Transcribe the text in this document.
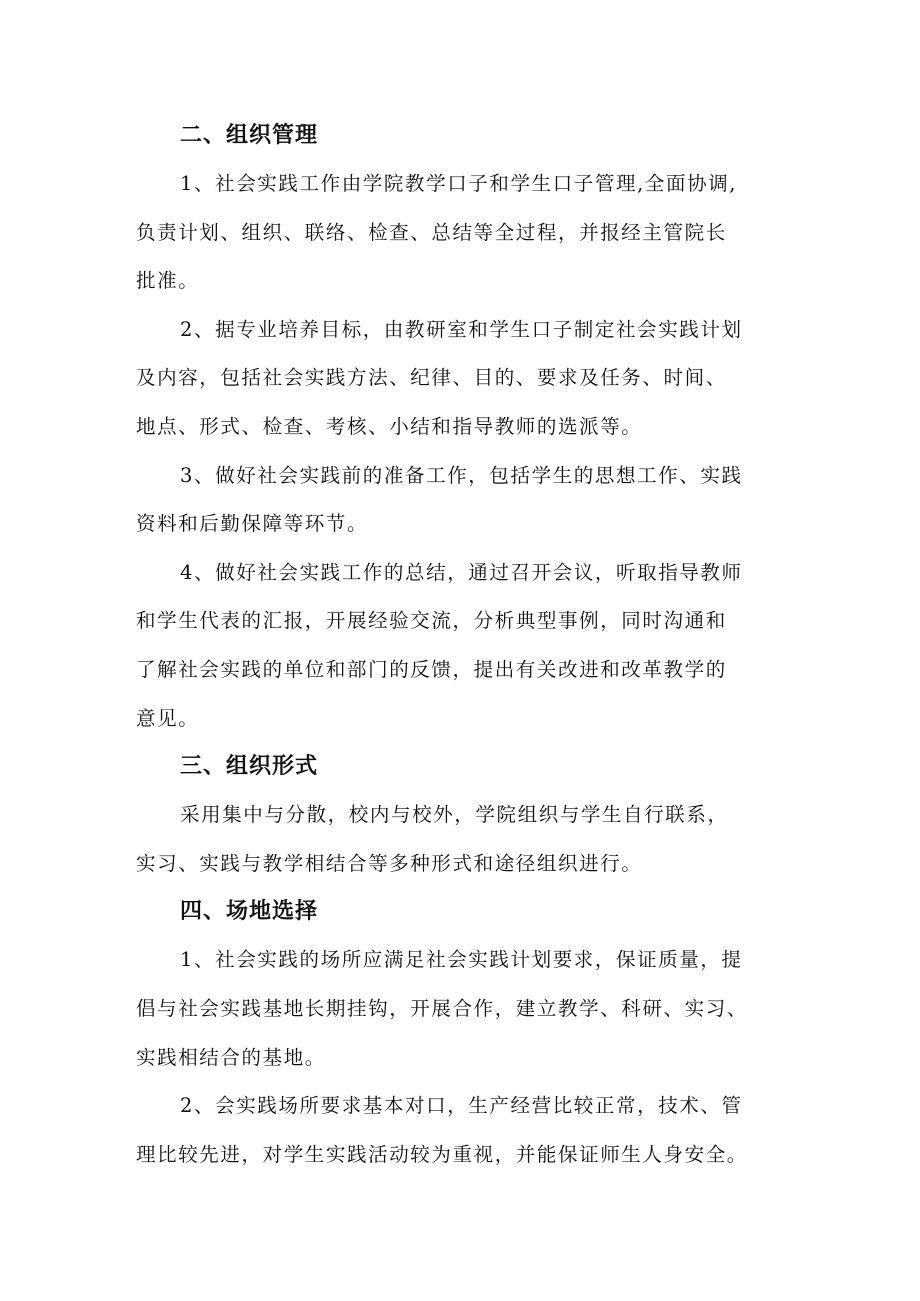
二、组织管理

1、社会实践工作由学院教学口子和学生口子管理,全面协调,
负责计划、组织、联络、检查、总结等全过程，并报经主管院长
批准。

2、据专业培养目标，由教研室和学生口子制定社会实践计划
及内容，包括社会实践方法、纪律、目的、要求及任务、时间、
地点、形式、检查、考核、小结和指导教师的选派等。

3、做好社会实践前的准备工作，包括学生的思想工作、实践
资料和后勤保障等环节。

4、做好社会实践工作的总结，通过召开会议，听取指导教师
和学生代表的汇报，开展经验交流，分析典型事例，同时沟通和
了解社会实践的单位和部门的反馈，提出有关改进和改革教学的
意见。

三、组织形式

采用集中与分散，校内与校外，学院组织与学生自行联系，
实习、实践与教学相结合等多种形式和途径组织进行。

四、场地选择

1、社会实践的场所应满足社会实践计划要求，保证质量，提
倡与社会实践基地长期挂钩，开展合作，建立教学、科研、实习、
实践相结合的基地。

2、会实践场所要求基本对口，生产经营比较正常，技术、管
理比较先进，对学生实践活动较为重视，并能保证师生人身安全。
